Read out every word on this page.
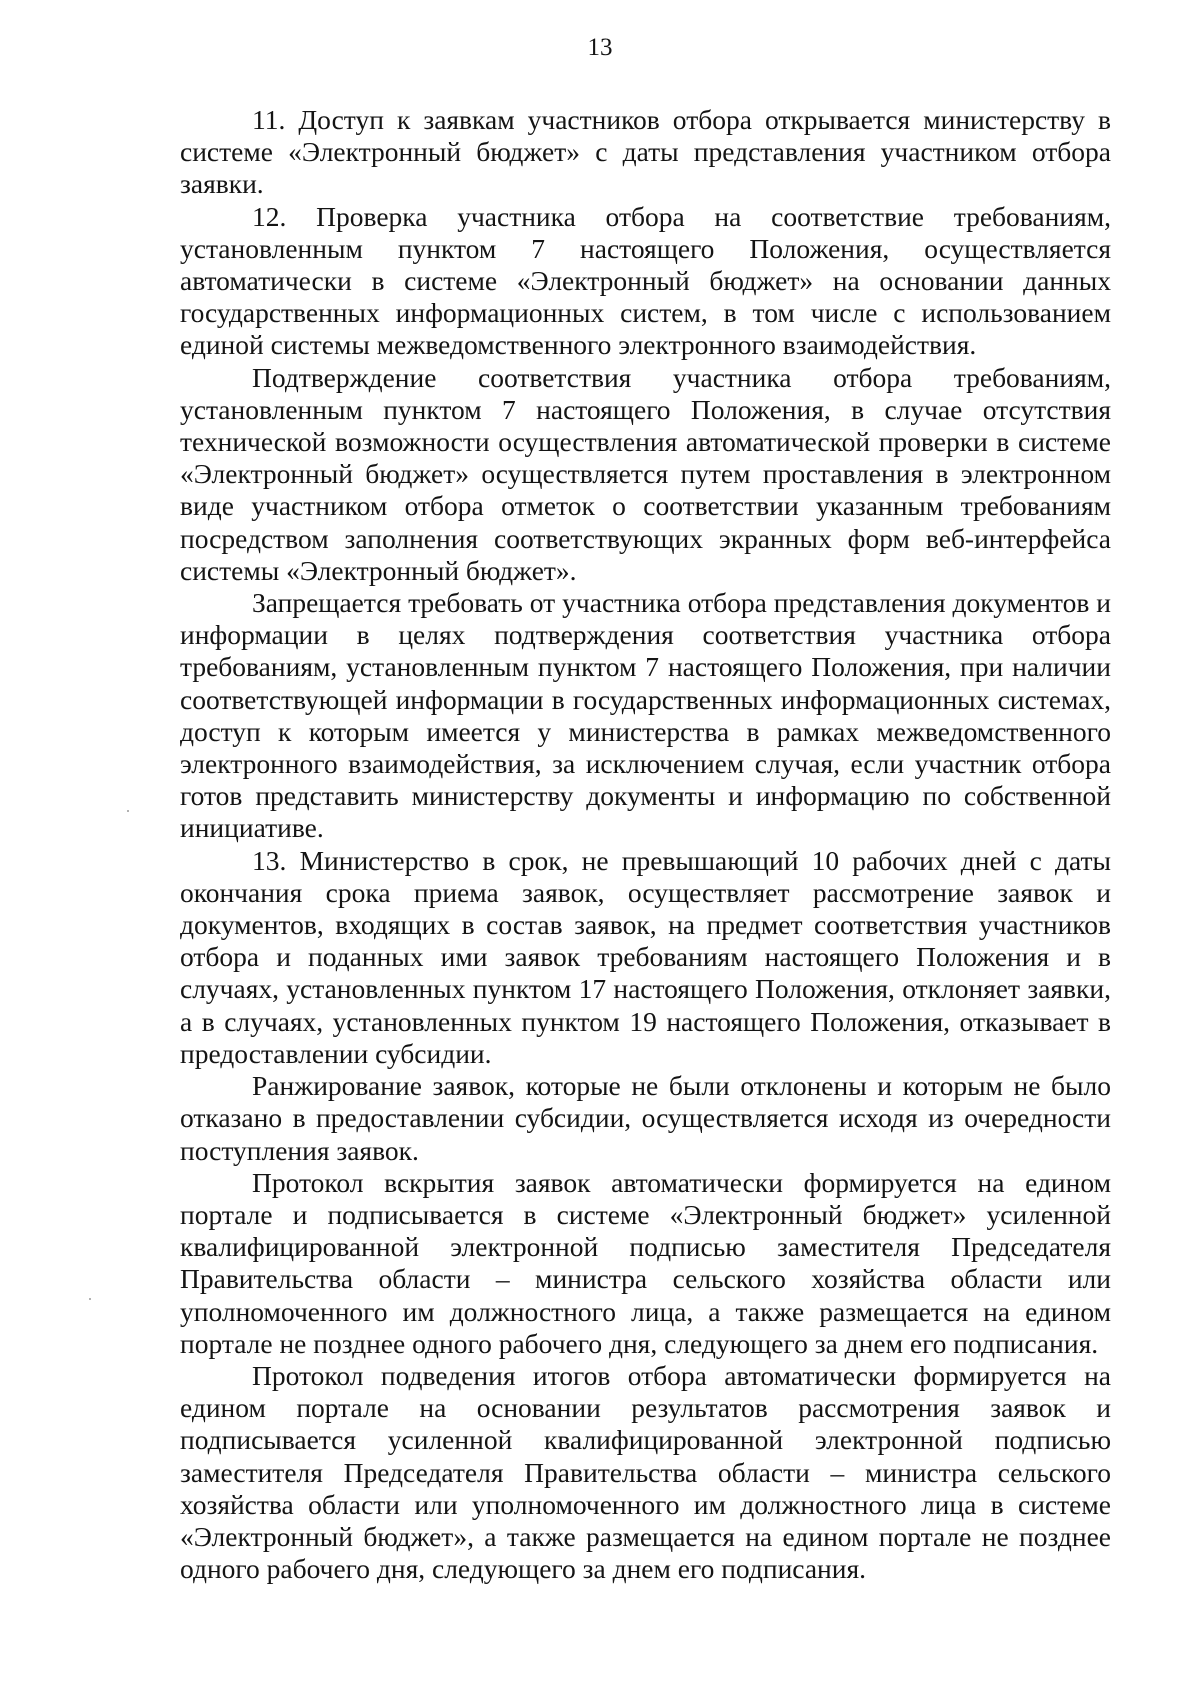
13

11. Доступ к заявкам участников отбора открывается министерству в системе «Электронный бюджет» с даты представления участником отбора заявки.

12. Проверка участника отбора на соответствие требованиям, установленным пунктом 7 настоящего Положения, осуществляется автоматически в системе «Электронный бюджет» на основании данных государственных информационных систем, в том числе с использованием единой системы межведомственного электронного взаимодействия.

Подтверждение соответствия участника отбора требованиям, установленным пунктом 7 настоящего Положения, в случае отсутствия технической возможности осуществления автоматической проверки в системе «Электронный бюджет» осуществляется путем проставления в электронном виде участником отбора отметок о соответствии указанным требованиям посредством заполнения соответствующих экранных форм веб-интерфейса системы «Электронный бюджет».

Запрещается требовать от участника отбора представления документов и информации в целях подтверждения соответствия участника отбора требованиям, установленным пунктом 7 настоящего Положения, при наличии соответствующей информации в государственных информационных системах, доступ к которым имеется у министерства в рамках межведомственного электронного взаимодействия, за исключением случая, если участник отбора готов представить министерству документы и информацию по собственной инициативе.

13. Министерство в срок, не превышающий 10 рабочих дней с даты окончания срока приема заявок, осуществляет рассмотрение заявок и документов, входящих в состав заявок, на предмет соответствия участников отбора и поданных ими заявок требованиям настоящего Положения и в случаях, установленных пунктом 17 настоящего Положения, отклоняет заявки, а в случаях, установленных пунктом 19 настоящего Положения, отказывает в предоставлении субсидии.

Ранжирование заявок, которые не были отклонены и которым не было отказано в предоставлении субсидии, осуществляется исходя из очередности поступления заявок.

Протокол вскрытия заявок автоматически формируется на едином портале и подписывается в системе «Электронный бюджет» усиленной квалифицированной электронной подписью заместителя Председателя Правительства области – министра сельского хозяйства области или уполномоченного им должностного лица, а также размещается на едином портале не позднее одного рабочего дня, следующего за днем его подписания.

Протокол подведения итогов отбора автоматически формируется на едином портале на основании результатов рассмотрения заявок и подписывается усиленной квалифицированной электронной подписью заместителя Председателя Правительства области – министра сельского хозяйства области или уполномоченного им должностного лица в системе «Электронный бюджет», а также размещается на едином портале не позднее одного рабочего дня, следующего за днем его подписания.
